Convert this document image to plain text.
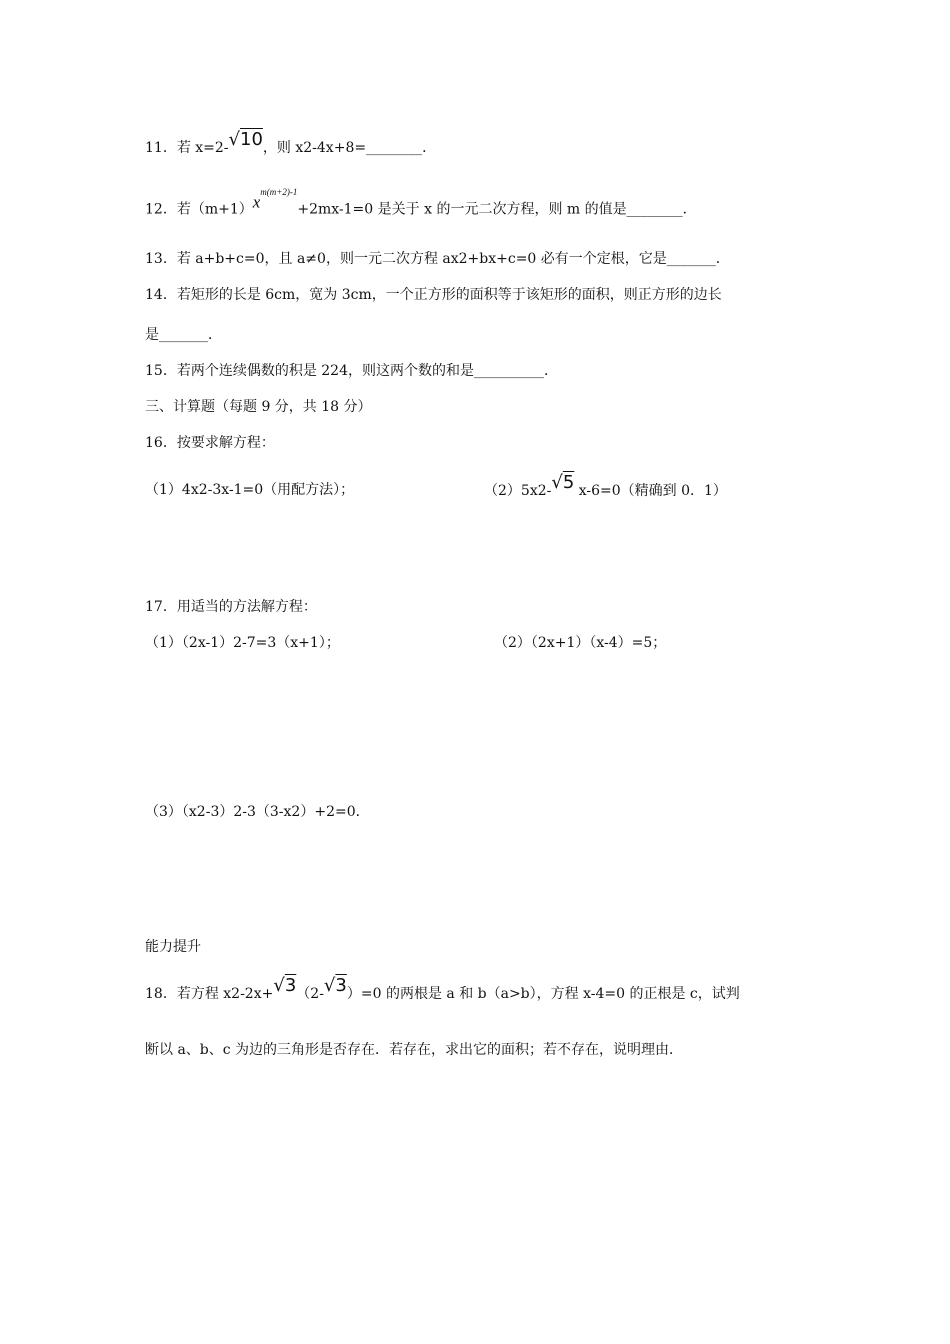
11．若 x=2-√10，则 x2-4x+8=________．
12．若$(m+1)x^{m(m+2)-1}+2mx-1=0$ 是关于 x 的一元二次方程，则 m 的值是________．
13．若 a+b+c=0，且 a≠0，则一元二次方程 ax2+bx+c=0 必有一个定根，它是_______．
14．若矩形的长是 6cm，宽为 3cm，一个正方形的面积等于该矩形的面积，则正方形的边长
是_______．
15．若两个连续偶数的积是 224，则这两个数的和是__________．
三、计算题（每题 9 分，共 18 分）
16．按要求解方程：
（1）4x2-3x-1=0（用配方法）；	（2）5x2-√5 x-6=0（精确到 0．1）
17．用适当的方法解方程：
（1）（2x-1）2-7=3（x+1）；	（2）（2x+1）（x-4）=5；
（3）（x2-3）2-3（3-x2）+2=0．
能力提升
18．若方程 x2-2x+√3（2-√3）=0 的两根是 a 和 b（a>b），方程 x-4=0 的正根是 c，试判
断以 a、b、c 为边的三角形是否存在．若存在，求出它的面积；若不存在，说明理由．
